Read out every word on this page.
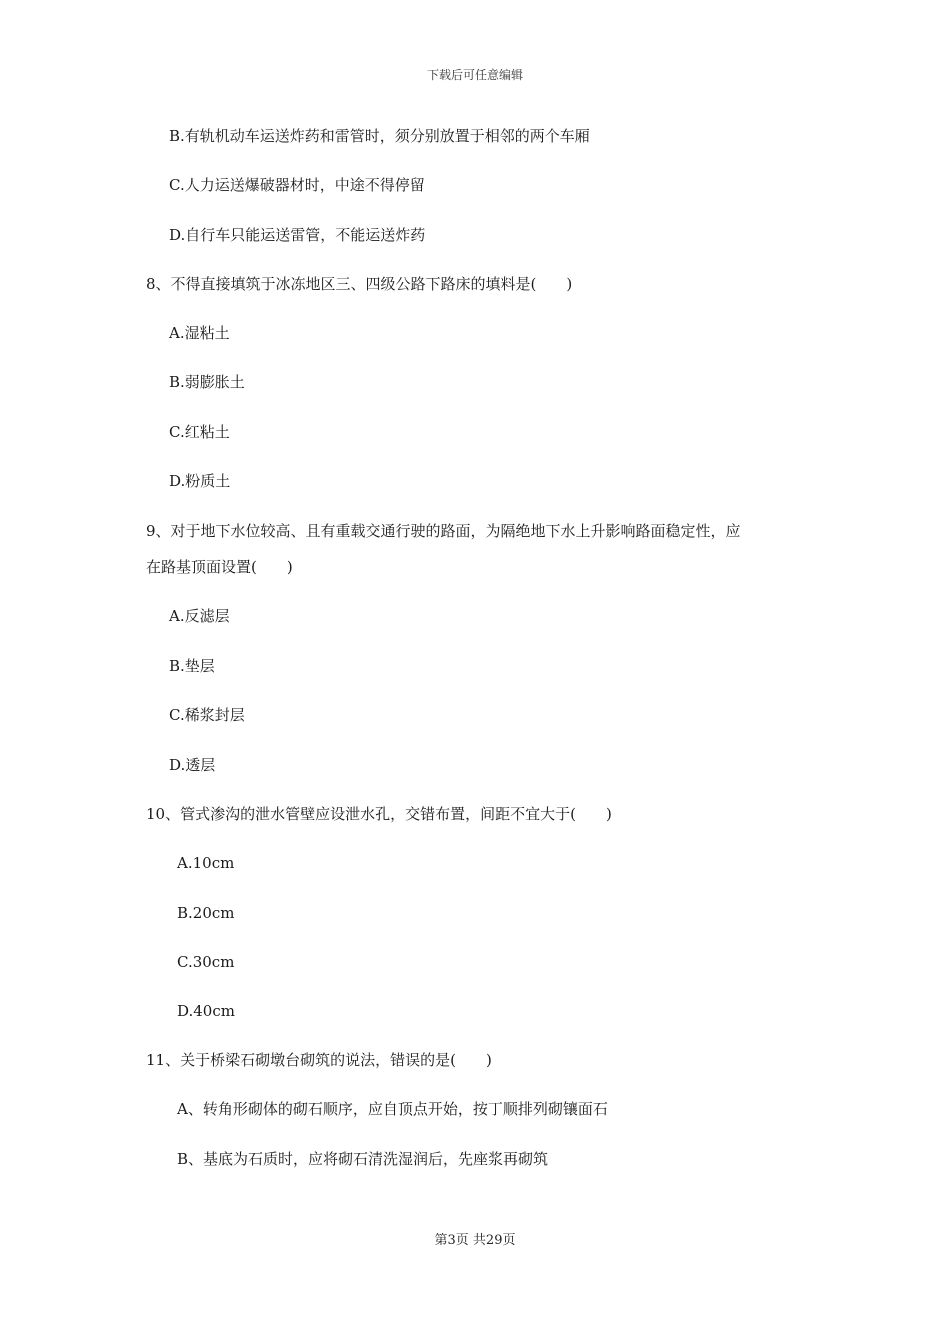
下载后可任意编辑
B.有轨机动车运送炸药和雷管时，须分别放置于相邻的两个车厢
C.人力运送爆破器材时，中途不得停留
D.自行车只能运送雷管，不能运送炸药
8、不得直接填筑于冰冻地区三、四级公路下路床的填料是(　　)
A.湿粘土
B.弱膨胀土
C.红粘土
D.粉质土
9、对于地下水位较高、且有重载交通行驶的路面，为隔绝地下水上升影响路面稳定性，应
在路基顶面设置(　　)
A.反滤层
B.垫层
C.稀浆封层
D.透层
10、管式渗沟的泄水管壁应设泄水孔，交错布置，间距不宜大于(　　)
A.10cm
B.20cm
C.30cm
D.40cm
11、关于桥梁石砌墩台砌筑的说法，错误的是(　　)
A、转角形砌体的砌石顺序，应自顶点开始，按丁顺排列砌镶面石
B、基底为石质时，应将砌石清洗湿润后，先座浆再砌筑
第3页 共29页
